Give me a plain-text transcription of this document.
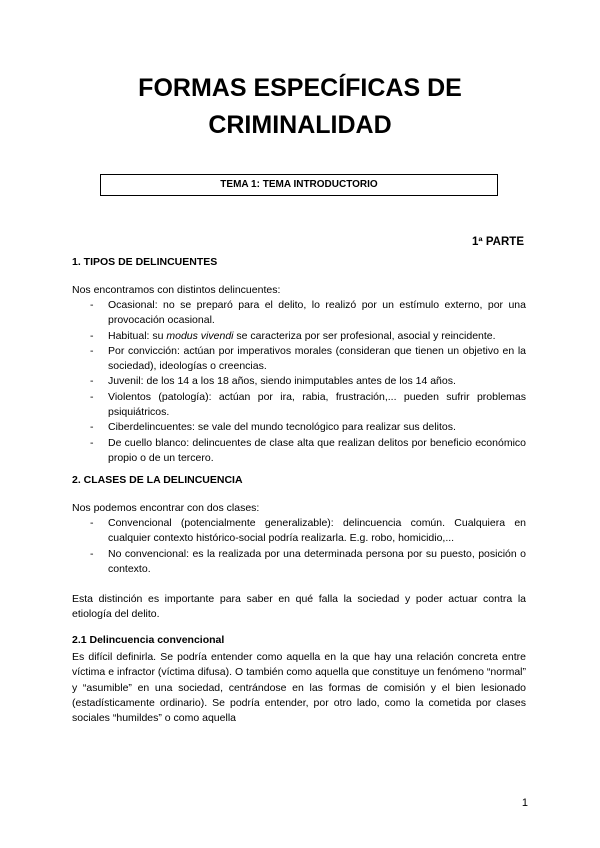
FORMAS ESPECÍFICAS DE
CRIMINALIDAD
TEMA 1: TEMA INTRODUCTORIO
1ª PARTE
1. TIPOS DE DELINCUENTES

Nos encontramos con distintos delincuentes:

- Ocasional: no se preparó para el delito, lo realizó por un estímulo externo, por una provocación ocasional.
- Habitual: su modus vivendi se caracteriza por ser profesional, asocial y reincidente.
- Por convicción: actúan por imperativos morales (consideran que tienen un objetivo en la sociedad), ideologías o creencias.
- Juvenil: de los 14 a los 18 años, siendo inimputables antes de los 14 años.
- Violentos (patología): actúan por ira, rabia, frustración,... pueden sufrir problemas psiquiátricos.
- Ciberdelincuentes: se vale del mundo tecnológico para realizar sus delitos.
- De cuello blanco: delincuentes de clase alta que realizan delitos por beneficio económico propio o de un tercero.
2. CLASES DE LA DELINCUENCIA

Nos podemos encontrar con dos clases:

- Convencional (potencialmente generalizable): delincuencia común. Cualquiera en cualquier contexto histórico-social podría realizarla. E.g. robo, homicidio,...
- No convencional: es la realizada por una determinada persona por su puesto, posición o contexto.

Esta distinción es importante para saber en qué falla la sociedad y poder actuar contra la etiología del delito.

2.1 Delincuencia convencional

Es difícil definirla. Se podría entender como aquella en la que hay una relación concreta entre víctima e infractor (víctima difusa). O también como aquella que constituye un fenómeno “normal” y “asumible” en una sociedad, centrándose en las formas de comisión y el bien lesionado (estadísticamente ordinario). Se podría entender, por otro lado, como la cometida por clases sociales “humildes” o como aquella

1
